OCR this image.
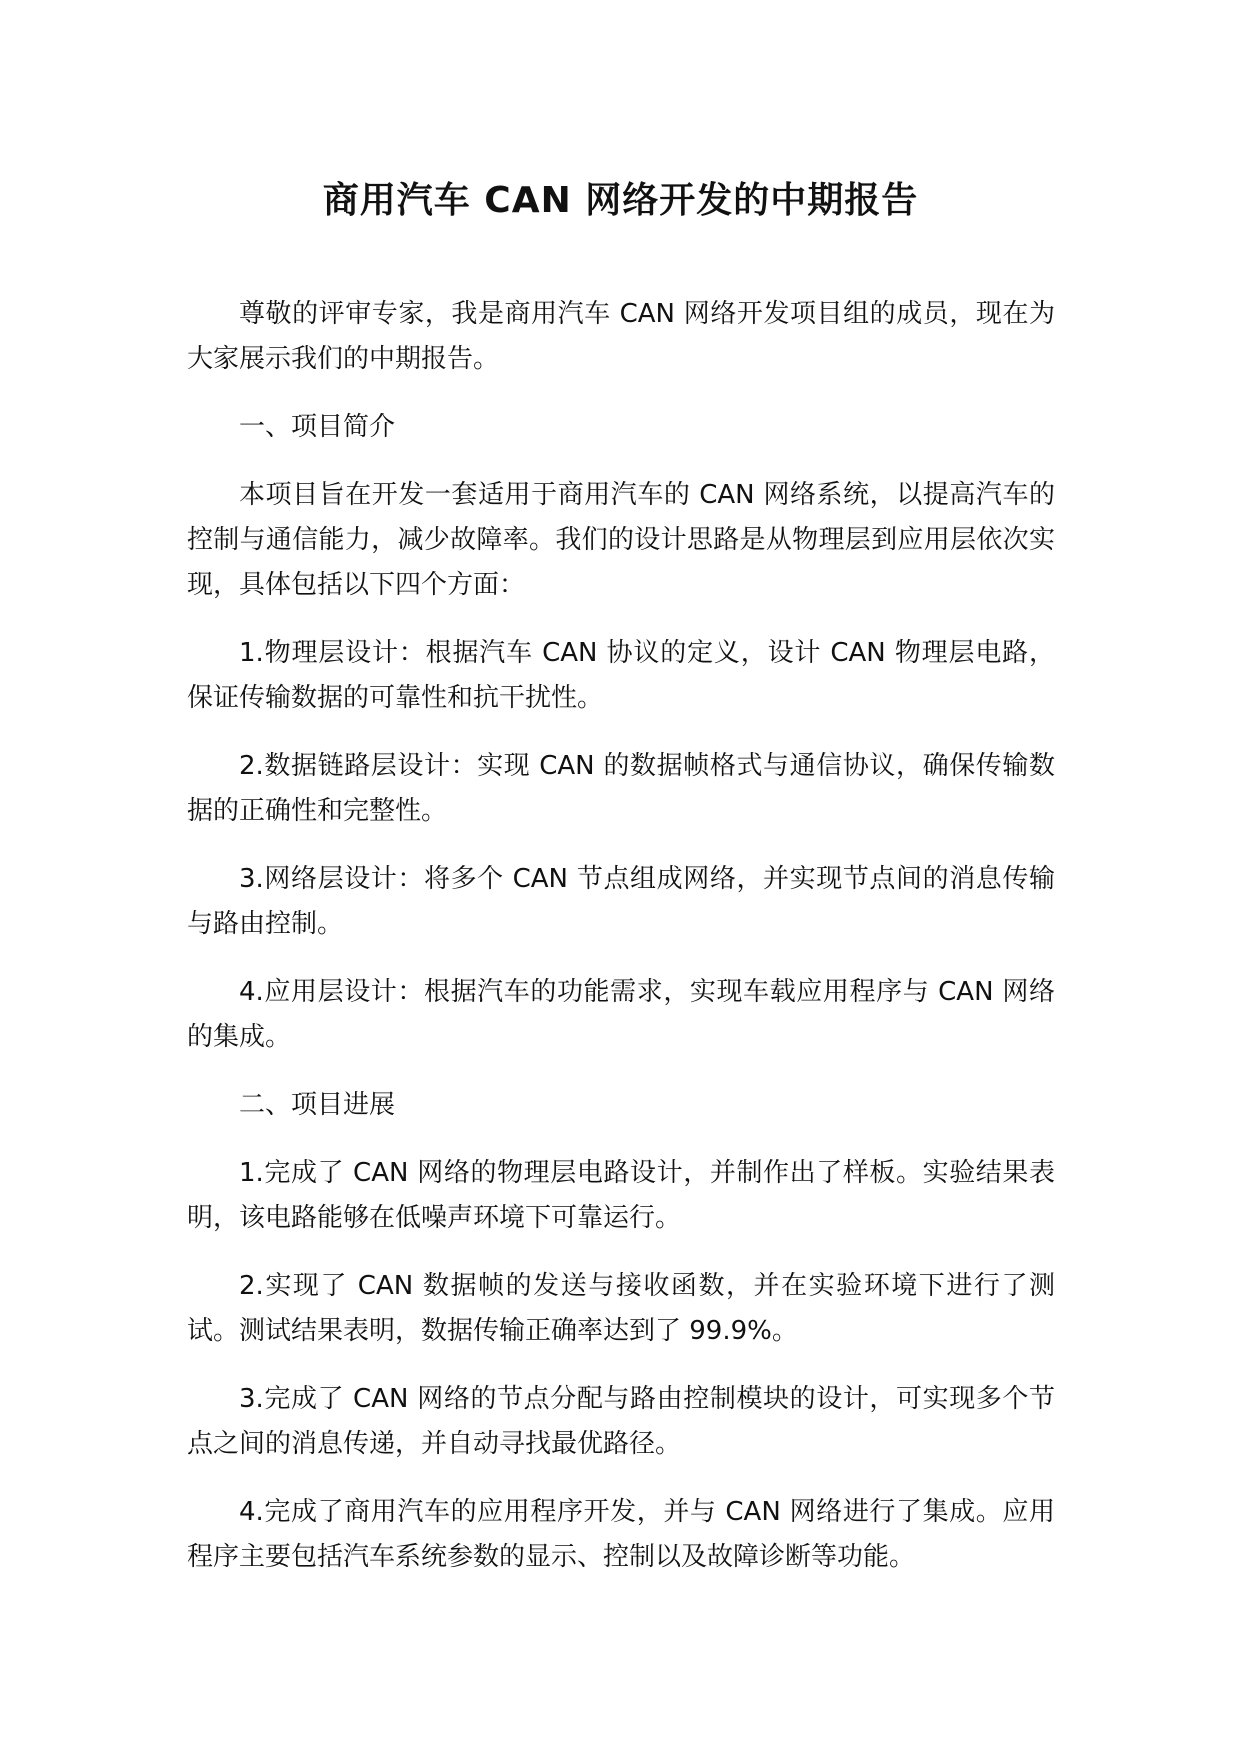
商用汽车 CAN 网络开发的中期报告

尊敬的评审专家，我是商用汽车 CAN 网络开发项目组的成员，现在为大家展示我们的中期报告。

一、项目简介

本项目旨在开发一套适用于商用汽车的 CAN 网络系统，以提高汽车的控制与通信能力，减少故障率。我们的设计思路是从物理层到应用层依次实现，具体包括以下四个方面：

1.物理层设计：根据汽车 CAN 协议的定义，设计 CAN 物理层电路，保证传输数据的可靠性和抗干扰性。

2.数据链路层设计：实现 CAN 的数据帧格式与通信协议，确保传输数据的正确性和完整性。

3.网络层设计：将多个 CAN 节点组成网络，并实现节点间的消息传输与路由控制。

4.应用层设计：根据汽车的功能需求，实现车载应用程序与 CAN 网络的集成。

二、项目进展

1.完成了 CAN 网络的物理层电路设计，并制作出了样板。实验结果表明，该电路能够在低噪声环境下可靠运行。

2.实现了 CAN 数据帧的发送与接收函数，并在实验环境下进行了测试。测试结果表明，数据传输正确率达到了 99.9%。

3.完成了 CAN 网络的节点分配与路由控制模块的设计，可实现多个节点之间的消息传递，并自动寻找最优路径。

4.完成了商用汽车的应用程序开发，并与 CAN 网络进行了集成。应用程序主要包括汽车系统参数的显示、控制以及故障诊断等功能。
